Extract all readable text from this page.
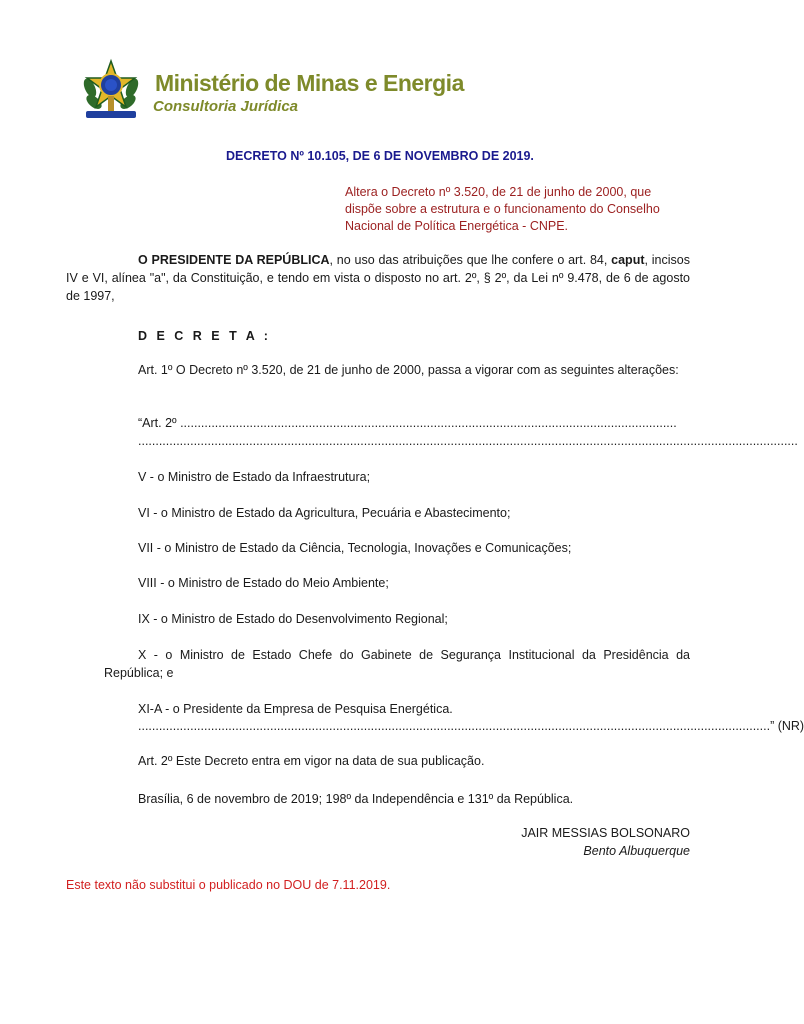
Ministério de Minas e Energia
Consultoria Jurídica
DECRETO Nº 10.105, DE 6 DE NOVEMBRO DE 2019.
Altera o Decreto nº 3.520, de 21 de junho de 2000, que dispõe sobre a estrutura e o funcionamento do Conselho Nacional de Política Energética - CNPE.
O PRESIDENTE DA REPÚBLICA, no uso das atribuições que lhe confere o art. 84, caput, incisos IV e VI, alínea "a", da Constituição, e tendo em vista o disposto no art. 2º, § 2º, da Lei nº 9.478, de 6 de agosto de 1997,
D E C R E T A :
Art. 1º O Decreto nº 3.520, de 21 de junho de 2000, passa a vigorar com as seguintes alterações:
“Art. 2º ...............................................................................................................................................
..............................................................................................................................................................................................
V - o Ministro de Estado da Infraestrutura;
VI - o Ministro de Estado da Agricultura, Pecuária e Abastecimento;
VII - o Ministro de Estado da Ciência, Tecnologia, Inovações e Comunicações;
VIII - o Ministro de Estado do Meio Ambiente;
IX - o Ministro de Estado do Desenvolvimento Regional;
X - o Ministro de Estado Chefe do Gabinete de Segurança Institucional da Presidência da República; e
XI-A - o Presidente da Empresa de Pesquisa Energética.
...................................................................................................................................................................................... ” (NR)
Art. 2º Este Decreto entra em vigor na data de sua publicação.
Brasília, 6 de novembro de 2019; 198º da Independência e 131º da República.
JAIR MESSIAS BOLSONARO
Bento Albuquerque
Este texto não substitui o publicado no DOU de 7.11.2019.
